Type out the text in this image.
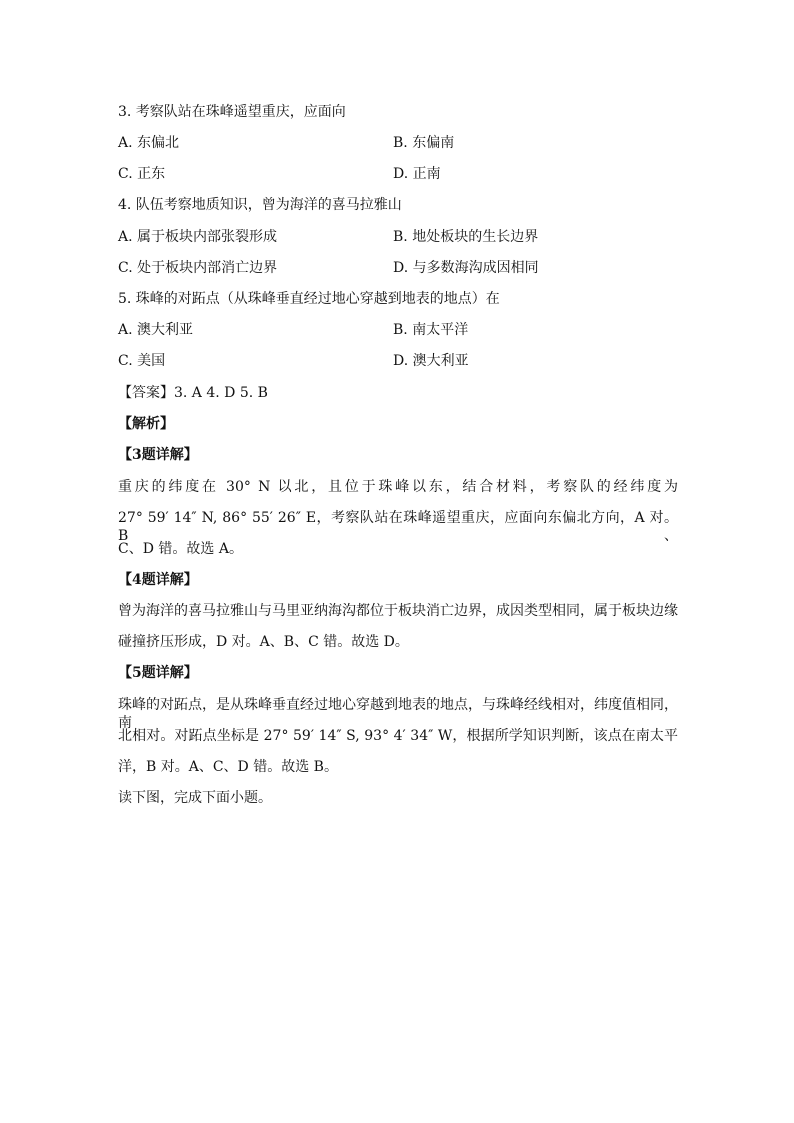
3. 考察队站在珠峰遥望重庆，应面向
A. 东偏北	B. 东偏南
C. 正东	D. 正南
4. 队伍考察地质知识，曾为海洋的喜马拉雅山
A. 属于板块内部张裂形成	B. 地处板块的生长边界
C. 处于板块内部消亡边界	D. 与多数海沟成因相同
5. 珠峰的对跖点（从珠峰垂直经过地心穿越到地表的地点）在
A. 澳大利亚	B. 南太平洋
C. 美国	D. 澳大利亚
【答案】3. A 4. D 5. B
【解析】
【3题详解】
重庆的纬度在 30° N 以北，且位于珠峰以东，结合材料，考察队的经纬度为
27° 59′ 14″ N, 86° 55′ 26″ E，考察队站在珠峰遥望重庆，应面向东偏北方向，A 对。B、
C、D 错。故选 A。
【4题详解】
曾为海洋的喜马拉雅山与马里亚纳海沟都位于板块消亡边界，成因类型相同，属于板块边缘
碰撞挤压形成，D 对。A、B、C 错。故选 D。
【5题详解】
珠峰的对跖点，是从珠峰垂直经过地心穿越到地表的地点，与珠峰经线相对，纬度值相同，南
北相对。对跖点坐标是 27° 59′ 14″ S, 93° 4′ 34″ W，根据所学知识判断，该点在南太平
洋，B 对。A、C、D 错。故选 B。
读下图，完成下面小题。
